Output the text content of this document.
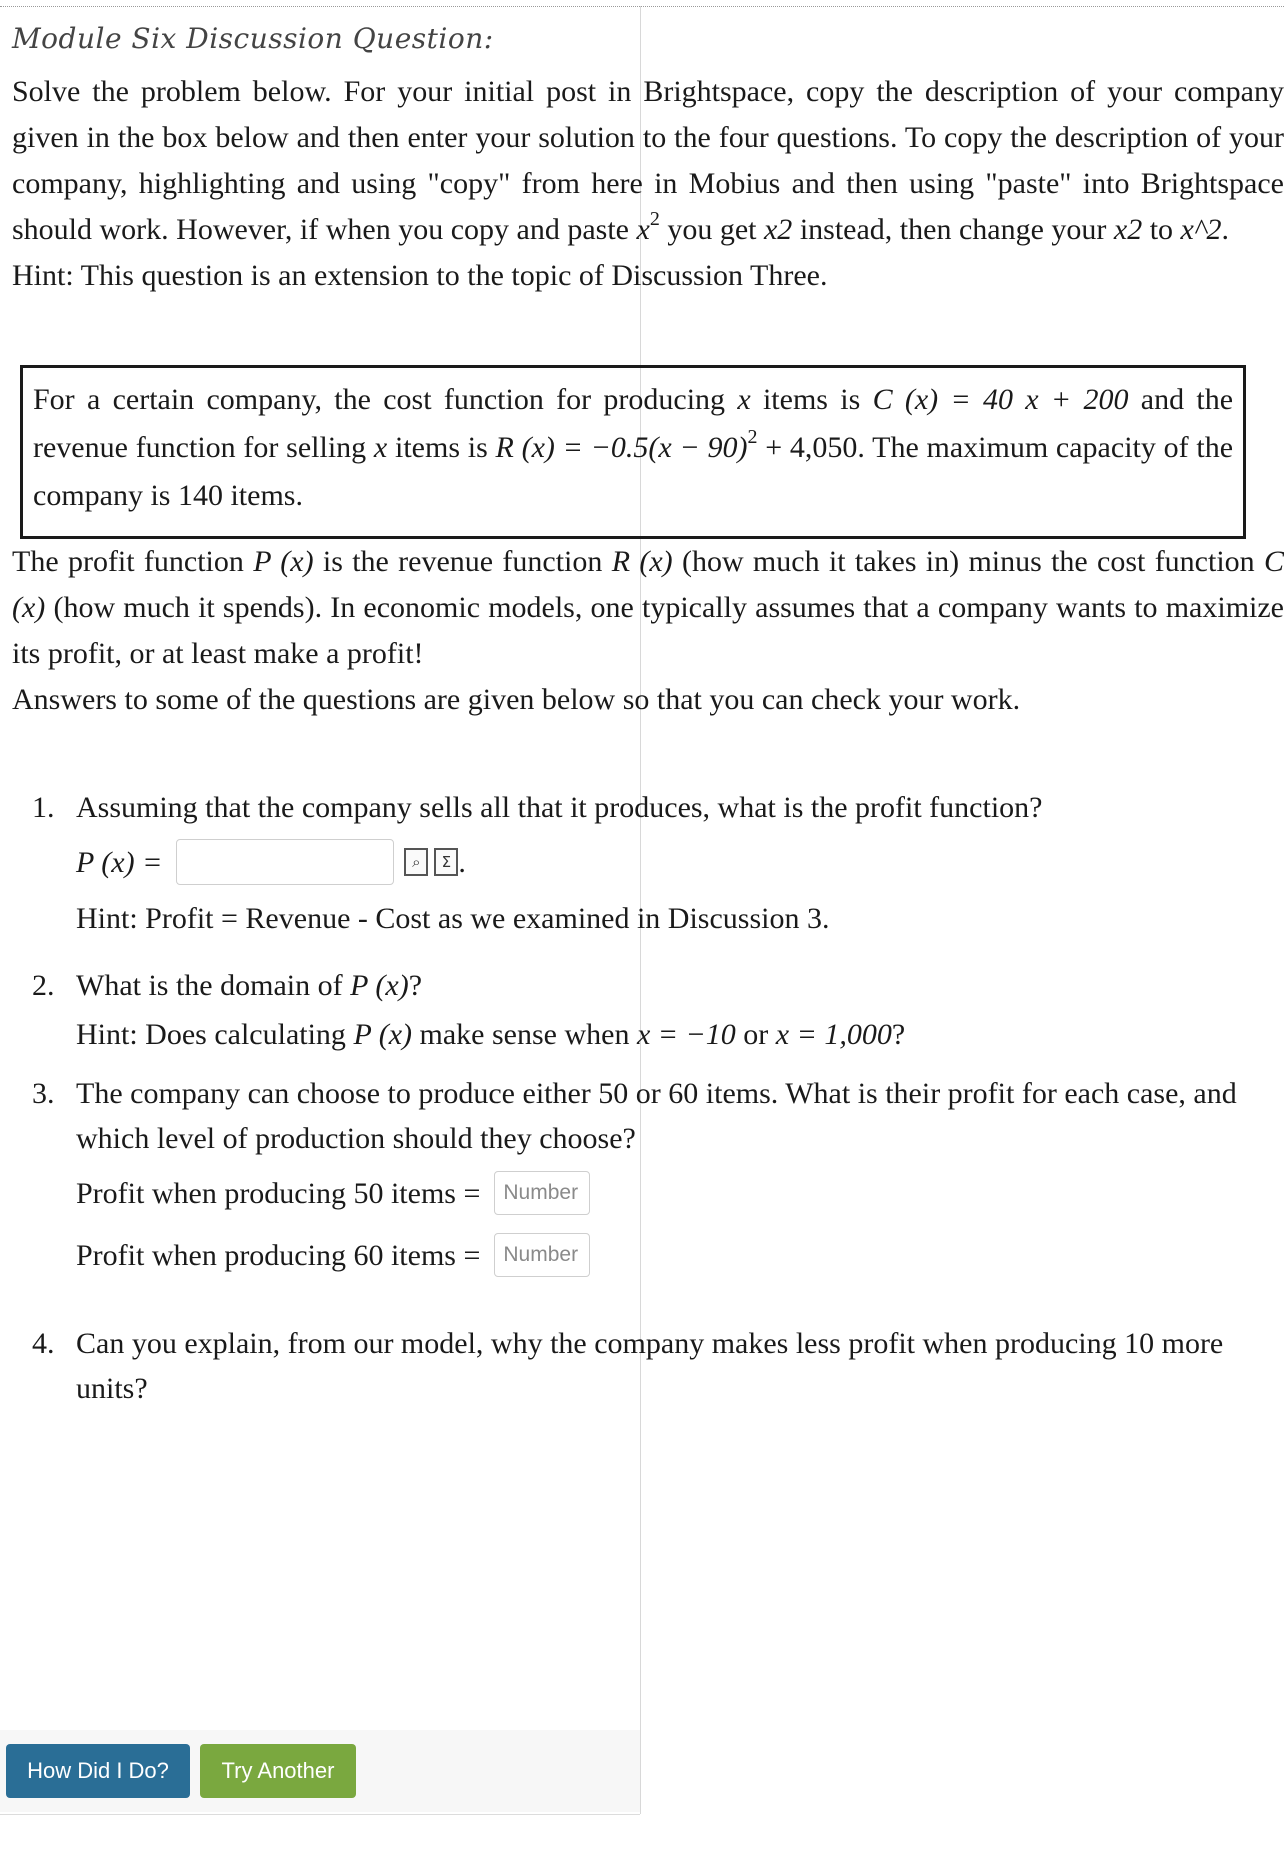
Module Six Discussion Question:

Solve the problem below. For your initial post in Brightspace, copy the description of your company given in the box below and then enter your solution to the four questions. To copy the description of your company, highlighting and using "copy" from here in Mobius and then using "paste" into Brightspace should work. However, if when you copy and paste $x^2$ you get x2 instead, then change your x2 to x^2.

Hint: This question is an extension to the topic of Discussion Three.

For a certain company, the cost function for producing x items is C (x) = 40 x + 200 and the revenue function for selling x items is R $(x) = -0.5(x - 90)^2 + 4,050$. The maximum capacity of the company is 140 items.

The profit function P (x) is the revenue function R (x) (how much it takes in) minus the cost function C (x) (how much it spends). In economic models, one typically assumes that a company wants to maximize its profit, or at least make a profit!

Answers to some of the questions are given below so that you can check your work.

1. Assuming that the company sells all that it produces, what is the profit function?
P (x) =	⌕	Σ .
Hint: Profit = Revenue - Cost as we examined in Discussion 3.
2. What is the domain of P (x)?
Hint: Does calculating P (x) make sense when x = −10 or x = 1,000?
3. The company can choose to produce either 50 or 60 items. What is their profit for each case, and which level of production should they choose?
Profit when producing 50 items =	Number
Profit when producing 60 items =	Number
4. Can you explain, from our model, why the company makes less profit when producing 10 more units?
How Did I Do?	Try Another
